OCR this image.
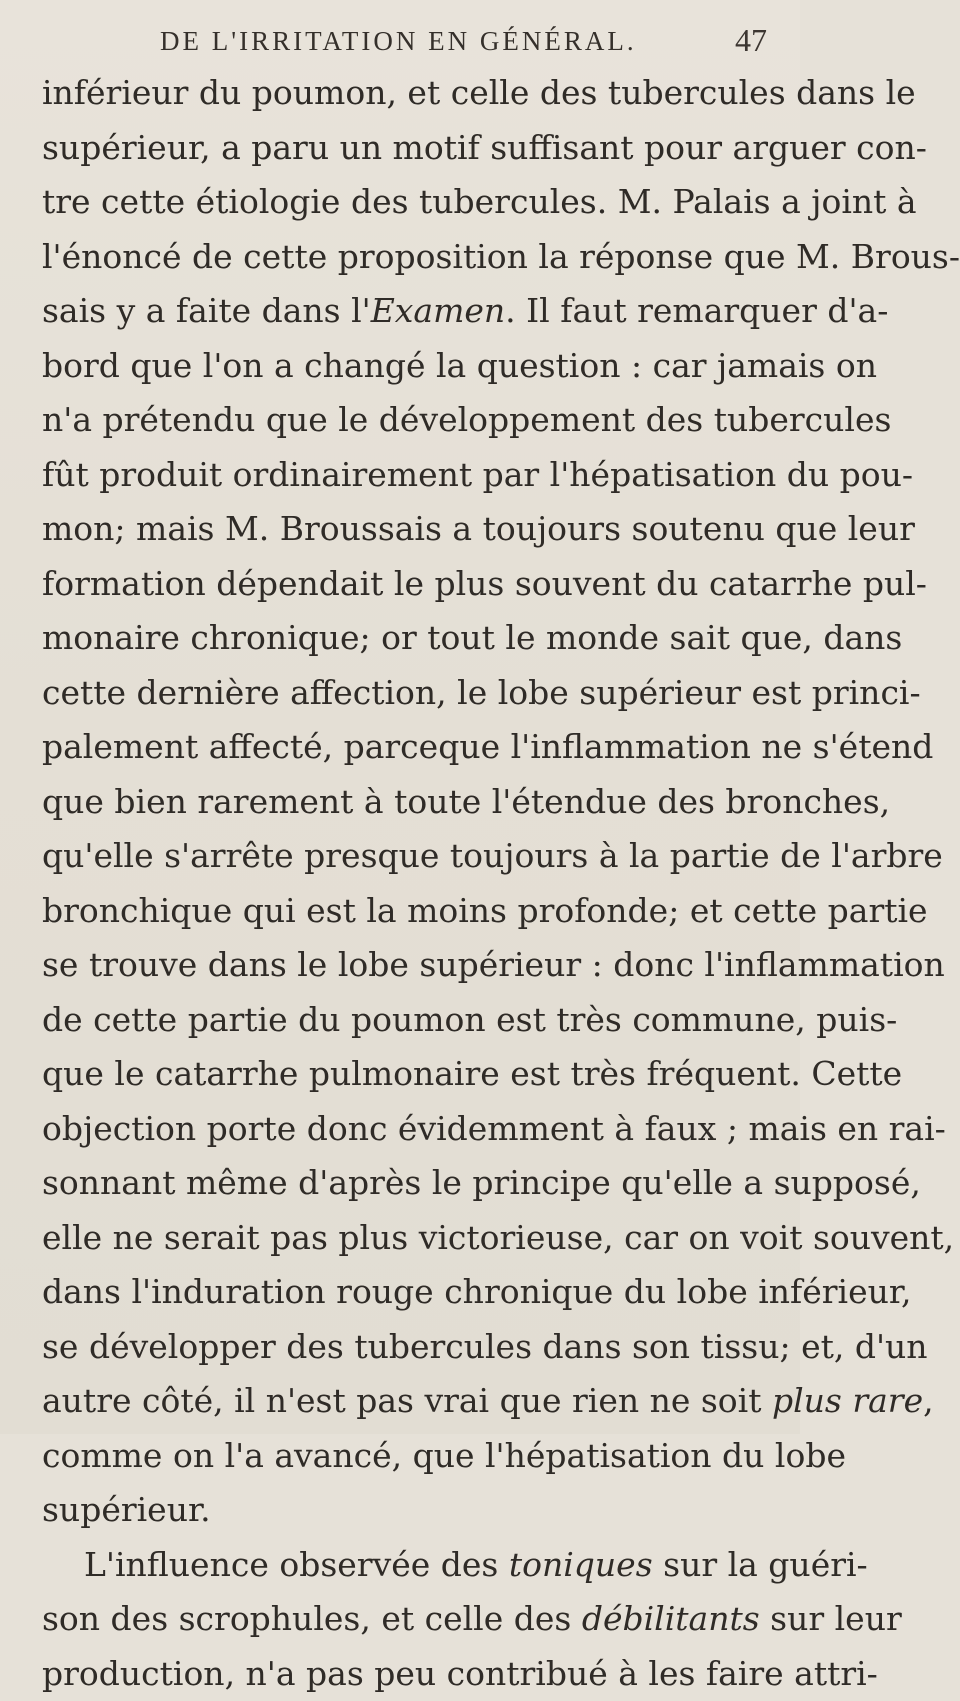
DE L'IRRITATION EN GÉNÉRAL.	47
inférieur du poumon, et celle des tubercules dans le
supérieur, a paru un motif suffisant pour arguer con-
tre cette étiologie des tubercules. M. Palais a joint à
l'énoncé de cette proposition la réponse que M. Brous-
sais y a faite dans l'Examen. Il faut remarquer d'a-
bord que l'on a changé la question : car jamais on
n'a prétendu que le développement des tubercules
fût produit ordinairement par l'hépatisation du pou-
mon; mais M. Broussais a toujours soutenu que leur
formation dépendait le plus souvent du catarrhe pul-
monaire chronique; or tout le monde sait que, dans
cette dernière affection, le lobe supérieur est princi-
palement affecté, parceque l'inflammation ne s'étend
que bien rarement à toute l'étendue des bronches,
qu'elle s'arrête presque toujours à la partie de l'arbre
bronchique qui est la moins profonde; et cette partie
se trouve dans le lobe supérieur : donc l'inflammation
de cette partie du poumon est très commune, puis-
que le catarrhe pulmonaire est très fréquent. Cette
objection porte donc évidemment à faux ; mais en rai-
sonnant même d'après le principe qu'elle a supposé,
elle ne serait pas plus victorieuse, car on voit souvent,
dans l'induration rouge chronique du lobe inférieur,
se développer des tubercules dans son tissu; et, d'un
autre côté, il n'est pas vrai que rien ne soit plus rare,
comme on l'a avancé, que l'hépatisation du lobe
supérieur.
L'influence observée des toniques sur la guéri-
son des scrophules, et celle des débilitants sur leur
production, n'a pas peu contribué à les faire attri-
